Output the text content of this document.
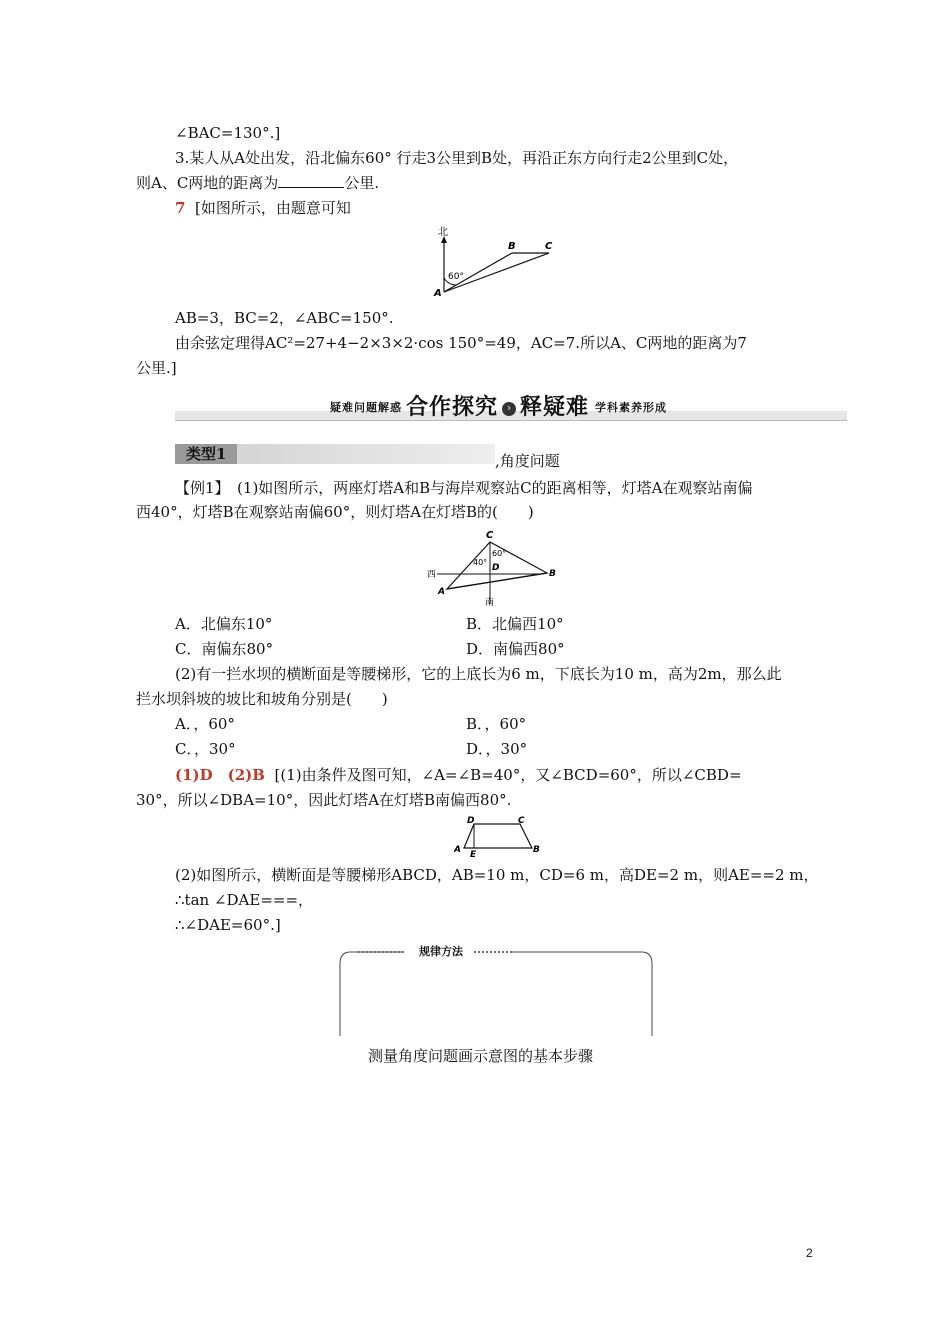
∠BAC=130°.]
3.某人从A处出发，沿北偏东60° 行走3公里到B处，再沿正东方向行走2公里到C处，
则A、C两地的距离为	公里.
7 [如图所示，由题意可知
北
A
B	C
60°
AB=3，BC=2，∠ABC=150°.
由余弦定理得AC²=27+4−2×3×2·cos 150°=49，AC=7.所以A、C两地的距离为7
公里.]
疑难问题解惑 合作探究 › 释疑难 学科素养形成
类型1	,角度问题
【例1】　(1)如图所示，两座灯塔A和B与海岸观察站C的距离相等，灯塔A在观察站南偏
西40°，灯塔B在观察站南偏60°，则灯塔A在灯塔B的(　　)
C
60°
40°
D
西
A
B
南
A．北偏东10°	B．北偏西10°
C．南偏东80°	D．南偏西80°
(2)有一拦水坝的横断面是等腰梯形，它的上底长为6 m，下底长为10 m，高为2m，那么此
拦水坝斜坡的坡比和坡角分别是(　　)
A．，60°	B．，60°
C．，30°	D．，30°
(1)D　(2)B [(1)由条件及图可知，∠A=∠B=40°，又∠BCD=60°，所以∠CBD=
30°，所以∠DBA=10°，因此灯塔A在灯塔B南偏西80°.
D	C
A E	B
(2)如图所示，横断面是等腰梯形ABCD，AB=10 m，CD=6 m，高DE=2 m，则AE==2 m，
∴tan ∠DAE===，
∴∠DAE=60°.]
规律方法
测量角度问题画示意图的基本步骤
2
